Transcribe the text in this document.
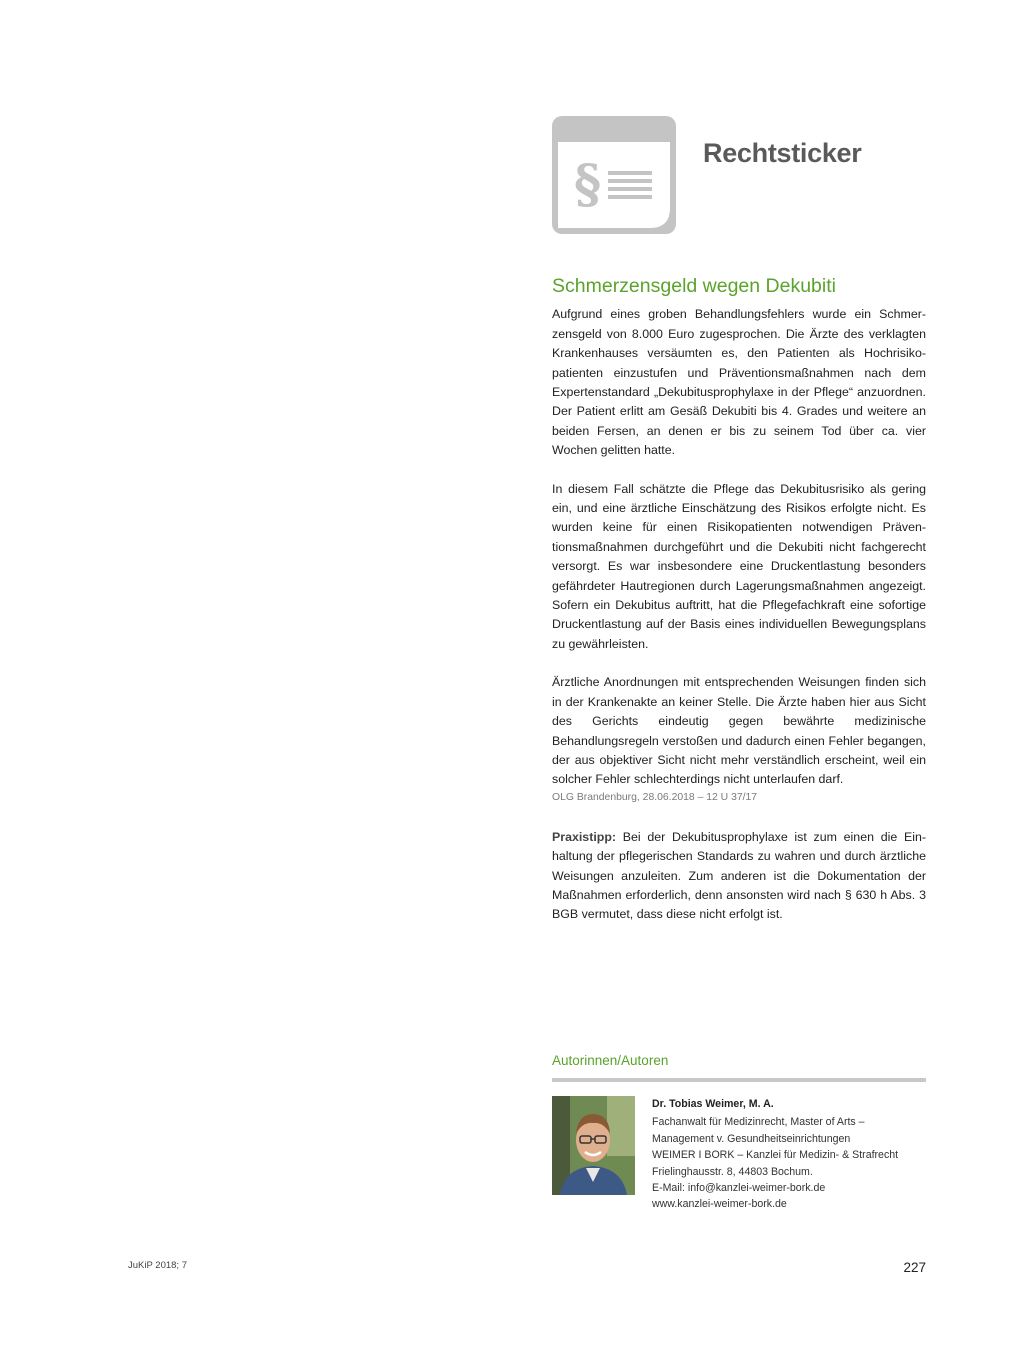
§
Rechtsticker
Schmerzensgeld wegen Dekubiti

Aufgrund eines groben Behandlungsfehlers wurde ein Schmerzensgeld von 8.000 Euro zugesprochen. Die Ärzte des verklagten Krankenhauses versäumten es, den Patienten als Hochrisikopatienten einzustufen und Präventionsmaßnahmen nach dem Expertenstandard „Dekubitusprophylaxe in der Pflege“ anzuordnen. Der Patient erlitt am Gesäß Dekubiti bis 4. Grades und weitere an beiden Fersen, an denen er bis zu seinem Tod über ca. vier Wochen gelitten hatte.

In diesem Fall schätzte die Pflege das Dekubitusrisiko als gering ein, und eine ärztliche Einschätzung des Risikos erfolgte nicht. Es wurden keine für einen Risikopatienten notwendigen Präventionsmaßnahmen durchgeführt und die Dekubiti nicht fachgerecht versorgt. Es war insbesondere eine Druckentlastung besonders gefährdeter Hautregionen durch Lagerungsmaßnahmen angezeigt. Sofern ein Dekubitus auftritt, hat die Pflegefachkraft eine sofortige Druckentlastung auf der Basis eines individuellen Bewegungsplans zu gewährleisten.

Ärztliche Anordnungen mit entsprechenden Weisungen finden sich in der Krankenakte an keiner Stelle. Die Ärzte haben hier aus Sicht des Gerichts eindeutig gegen bewährte medizinische Behandlungsregeln verstoßen und dadurch einen Fehler begangen, der aus objektiver Sicht nicht mehr verständlich erscheint, weil ein solcher Fehler schlechterdings nicht unterlaufen darf.

OLG Brandenburg, 28.06.2018 – 12 U 37/17

Praxistipp: Bei der Dekubitusprophylaxe ist zum einen die Einhaltung der pflegerischen Standards zu wahren und durch ärztliche Weisungen anzuleiten. Zum anderen ist die Dokumentation der Maßnahmen erforderlich, denn ansonsten wird nach § 630 h Abs. 3 BGB vermutet, dass diese nicht erfolgt ist.

Autorinnen/Autoren
Dr. Tobias Weimer, M. A.
Fachanwalt für Medizinrecht, Master of Arts –
Management v. Gesundheitseinrichtungen
WEIMER I BORK – Kanzlei für Medizin- & Strafrecht
Frielinghausstr. 8, 44803 Bochum.
E-Mail: info@kanzlei-weimer-bork.de
www.kanzlei-weimer-bork.de
JuKiP 2018; 7	227
